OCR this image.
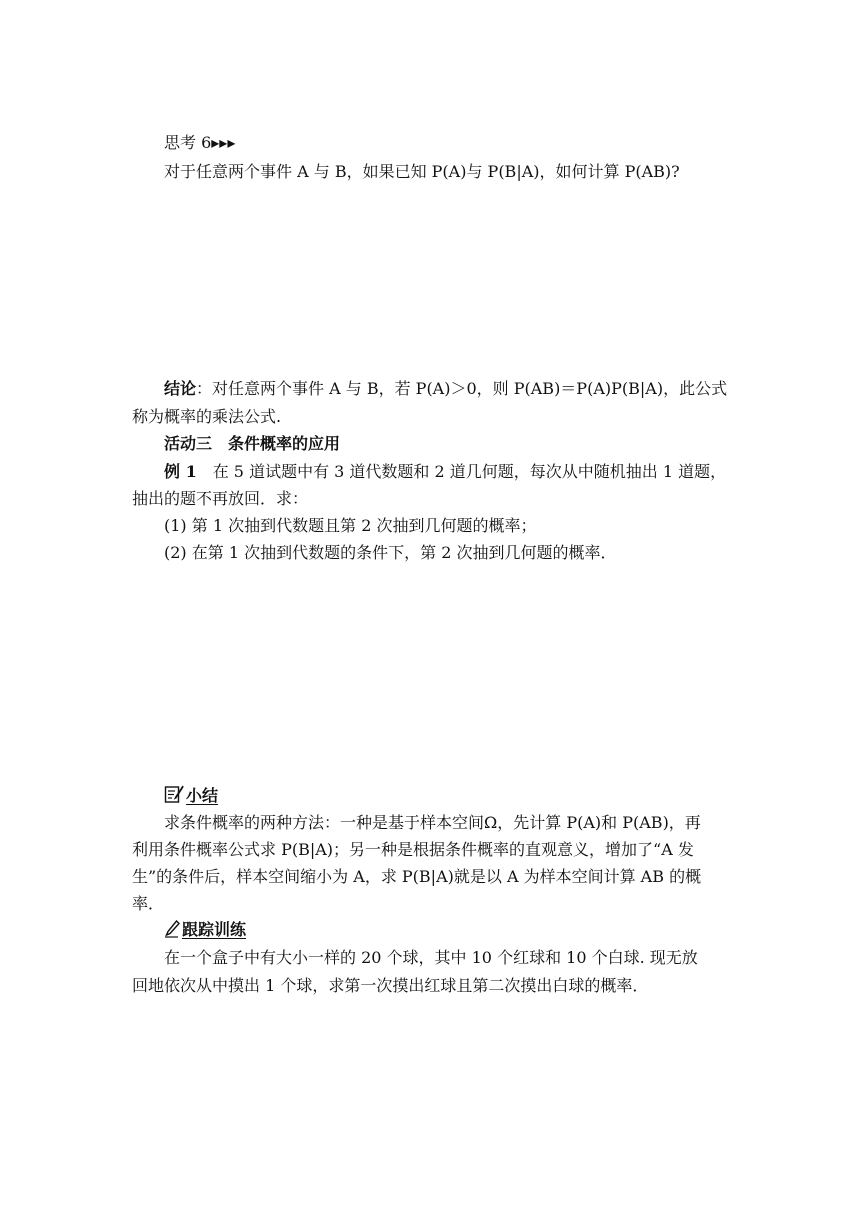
思考 6▸▸▸
对于任意两个事件 A 与 B，如果已知 P(A)与 P(B|A)，如何计算 P(AB)?
结论：对任意两个事件 A 与 B，若 P(A)＞0，则 P(AB)＝P(A)P(B|A)，此公式
称为概率的乘法公式.
活动三　条件概率的应用
例 1　在 5 道试题中有 3 道代数题和 2 道几何题，每次从中随机抽出 1 道题，
抽出的题不再放回．求：
(1) 第 1 次抽到代数题且第 2 次抽到几何题的概率；
(2) 在第 1 次抽到代数题的条件下，第 2 次抽到几何题的概率．
小结
求条件概率的两种方法：一种是基于样本空间Ω，先计算 P(A)和 P(AB)，再
利用条件概率公式求 P(B|A)；另一种是根据条件概率的直观意义，增加了“A 发
生”的条件后，样本空间缩小为 A，求 P(B|A)就是以 A 为样本空间计算 AB 的概
率．
跟踪训练
在一个盒子中有大小一样的 20 个球，其中 10 个红球和 10 个白球. 现无放
回地依次从中摸出 1 个球，求第一次摸出红球且第二次摸出白球的概率．
